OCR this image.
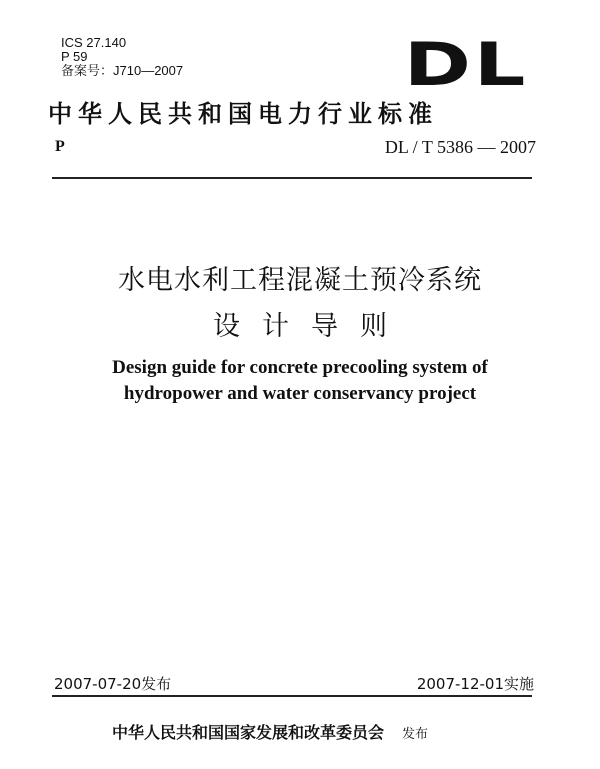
ICS 27.140
P 59
备案号：J710—2007	DL
中华人民共和国电力行业标准
P	DL / T 5386 — 2007
水电水利工程混凝土预冷系统
设计导则
Design guide for concrete precooling system of
hydropower and water conservancy project
2007-07-20发布	2007-12-01实施
中华人民共和国国家发展和改革委员会 发布
